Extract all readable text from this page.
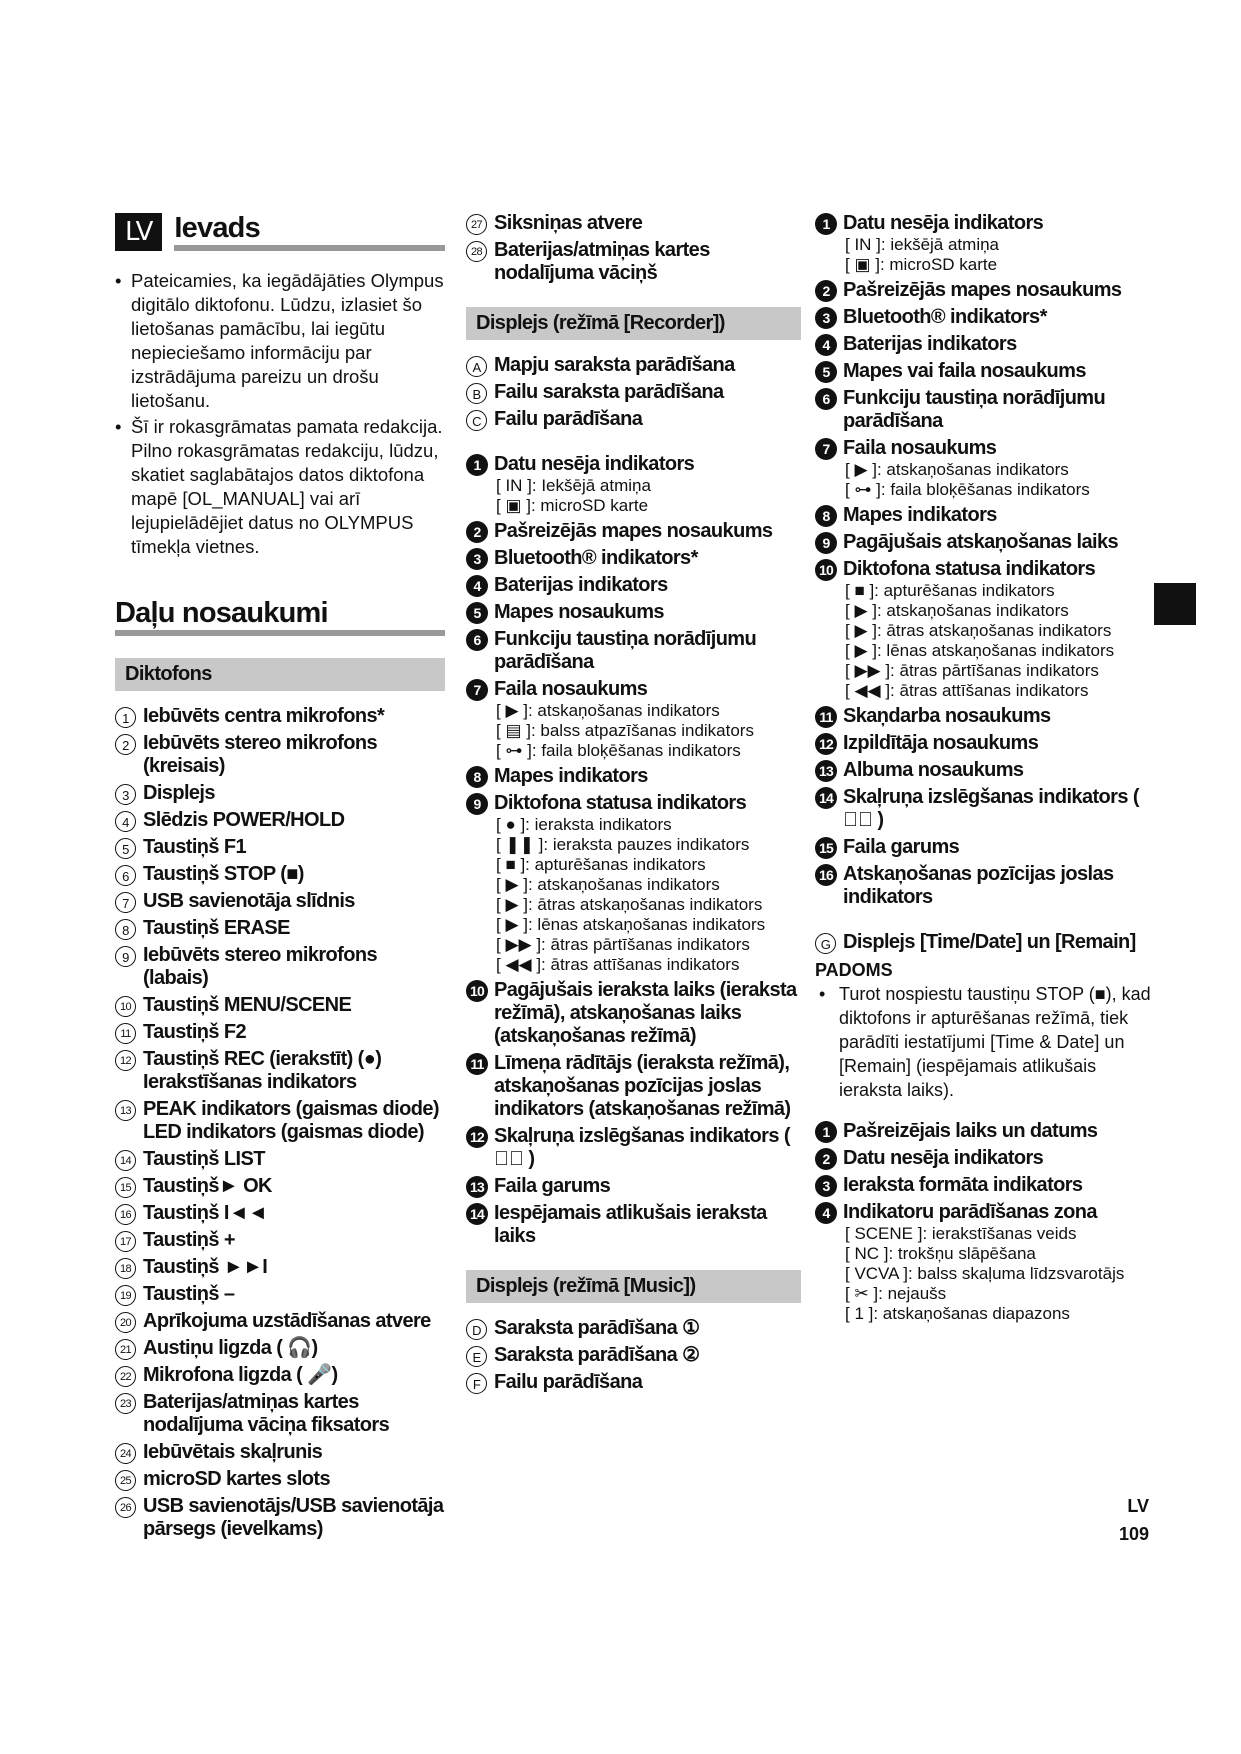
LV Ievads
• Pateicamies, ka iegādājāties Olympus digitālo diktofonu. Lūdzu, izlasiet šo lietošanas pamācību, lai iegūtu nepieciešamo informāciju par izstrādājuma pareizu un drošu lietošanu.
• Šī ir rokasgrāmatas pamata redakcija. Pilno rokasgrāmatas redakciju, lūdzu, skatiet saglabātajos datos diktofona mapē [OL_MANUAL] vai arī lejupielādējiet datus no OLYMPUS tīmekļa vietnes.
Daļu nosaukumi
Diktofons
1 Iebūvēts centra mikrofons*
2 Iebūvēts stereo mikrofons (kreisais)
3 Displejs
4 Slēdzis POWER/HOLD
5 Taustiņš F1
6 Taustiņš STOP (■)
7 USB savienotāja slīdnis
8 Taustiņš ERASE
9 Iebūvēts stereo mikrofons (labais)
10 Taustiņš MENU/SCENE
11 Taustiņš F2
12 Taustiņš REC (ierakstīt) (●) Ierakstīšanas indikators
13 PEAK indikators (gaismas diode) LED indikators (gaismas diode)
14 Taustiņš LIST
15 Taustiņš► OK
16 Taustiņš I◄◄
17 Taustiņš +
18 Taustiņš ►►I
19 Taustiņš –
20 Aprīkojuma uzstādīšanas atvere
21 Austiņu ligzda ( 🎧)
22 Mikrofona ligzda ( 🎤)
23 Baterijas/atmiņas kartes nodalījuma vāciņa fiksators
24 Iebūvētais skaļrunis
25 microSD kartes slots
26 USB savienotājs/USB savienotāja pārsegs (ievelkams)
27 Siksniņas atvere
28 Baterijas/atmiņas kartes nodalījuma vāciņš
Displejs (režīmā [Recorder])
A Mapju saraksta parādīšana
B Failu saraksta parādīšana
C Failu parādīšana
1 Datu nesēja indikators
[ IN ]: Iekšējā atmiņa
[ ▣ ]: microSD karte
2 Pašreizējās mapes nosaukums
3 Bluetooth® indikators*
4 Baterijas indikators
5 Mapes nosaukums
6 Funkciju taustiņa norādījumu parādīšana
7 Faila nosaukums
[ ▶ ]: atskaņošanas indikators
[ ▤ ]: balss atpazīšanas indikators
[ ⊶ ]: faila bloķēšanas indikators
8 Mapes indikators
9 Diktofona statusa indikators
[ ● ]: ieraksta indikators
[ ❚❚ ]: ieraksta pauzes indikators
[ ■ ]: apturēšanas indikators
[ ▶ ]: atskaņošanas indikators
[ ▶ ]: ātras atskaņošanas indikators
[ ▶ ]: lēnas atskaņošanas indikators
[ ▶▶ ]: ātras pārtīšanas indikators
[ ◀◀ ]: ātras attīšanas indikators
10 Pagājušais ieraksta laiks (ieraksta režīmā), atskaņošanas laiks (atskaņošanas režīmā)
11 Līmeņa rādītājs (ieraksta režīmā), atskaņošanas pozīcijas joslas indikators (atskaņošanas režīmā)
12 Skaļruņa izslēgšanas indikators ( ◀⃠ )
13 Faila garums
14 Iespējamais atlikušais ieraksta laiks
Displejs (režīmā [Music])
D Saraksta parādīšana ①
E Saraksta parādīšana ②
F Failu parādīšana
1 Datu nesēja indikators
[ IN ]: iekšējā atmiņa
[ ▣ ]: microSD karte
2 Pašreizējās mapes nosaukums
3 Bluetooth® indikators*
4 Baterijas indikators
5 Mapes vai faila nosaukums
6 Funkciju taustiņa norādījumu parādīšana
7 Faila nosaukums
[ ▶ ]: atskaņošanas indikators
[ ⊶ ]: faila bloķēšanas indikators
8 Mapes indikators
9 Pagājušais atskaņošanas laiks
10 Diktofona statusa indikators
[ ■ ]: apturēšanas indikators
[ ▶ ]: atskaņošanas indikators
[ ▶ ]: ātras atskaņošanas indikators
[ ▶ ]: lēnas atskaņošanas indikators
[ ▶▶ ]: ātras pārtīšanas indikators
[ ◀◀ ]: ātras attīšanas indikators
11 Skaņdarba nosaukums
12 Izpildītāja nosaukums
13 Albuma nosaukums
14 Skaļruņa izslēgšanas indikators ( ◀⃠ )
15 Faila garums
16 Atskaņošanas pozīcijas joslas indikators
G Displejs [Time/Date] un [Remain]
PADOMS
• Turot nospiestu taustiņu STOP (■), kad diktofons ir apturēšanas režīmā, tiek parādīti iestatījumi [Time & Date] un [Remain] (iespējamais atlikušais ieraksta laiks).
1 Pašreizējais laiks un datums
2 Datu nesēja indikators
3 Ieraksta formāta indikators
4 Indikatoru parādīšanas zona
[ SCENE ]: ierakstīšanas veids
[ NC ]: trokšņu slāpēšana
[ VCVA ]: balss skaļuma līdzsvarotājs
[ ✂ ]: nejaušs
[ 1 ]: atskaņošanas diapazons
LV
109
